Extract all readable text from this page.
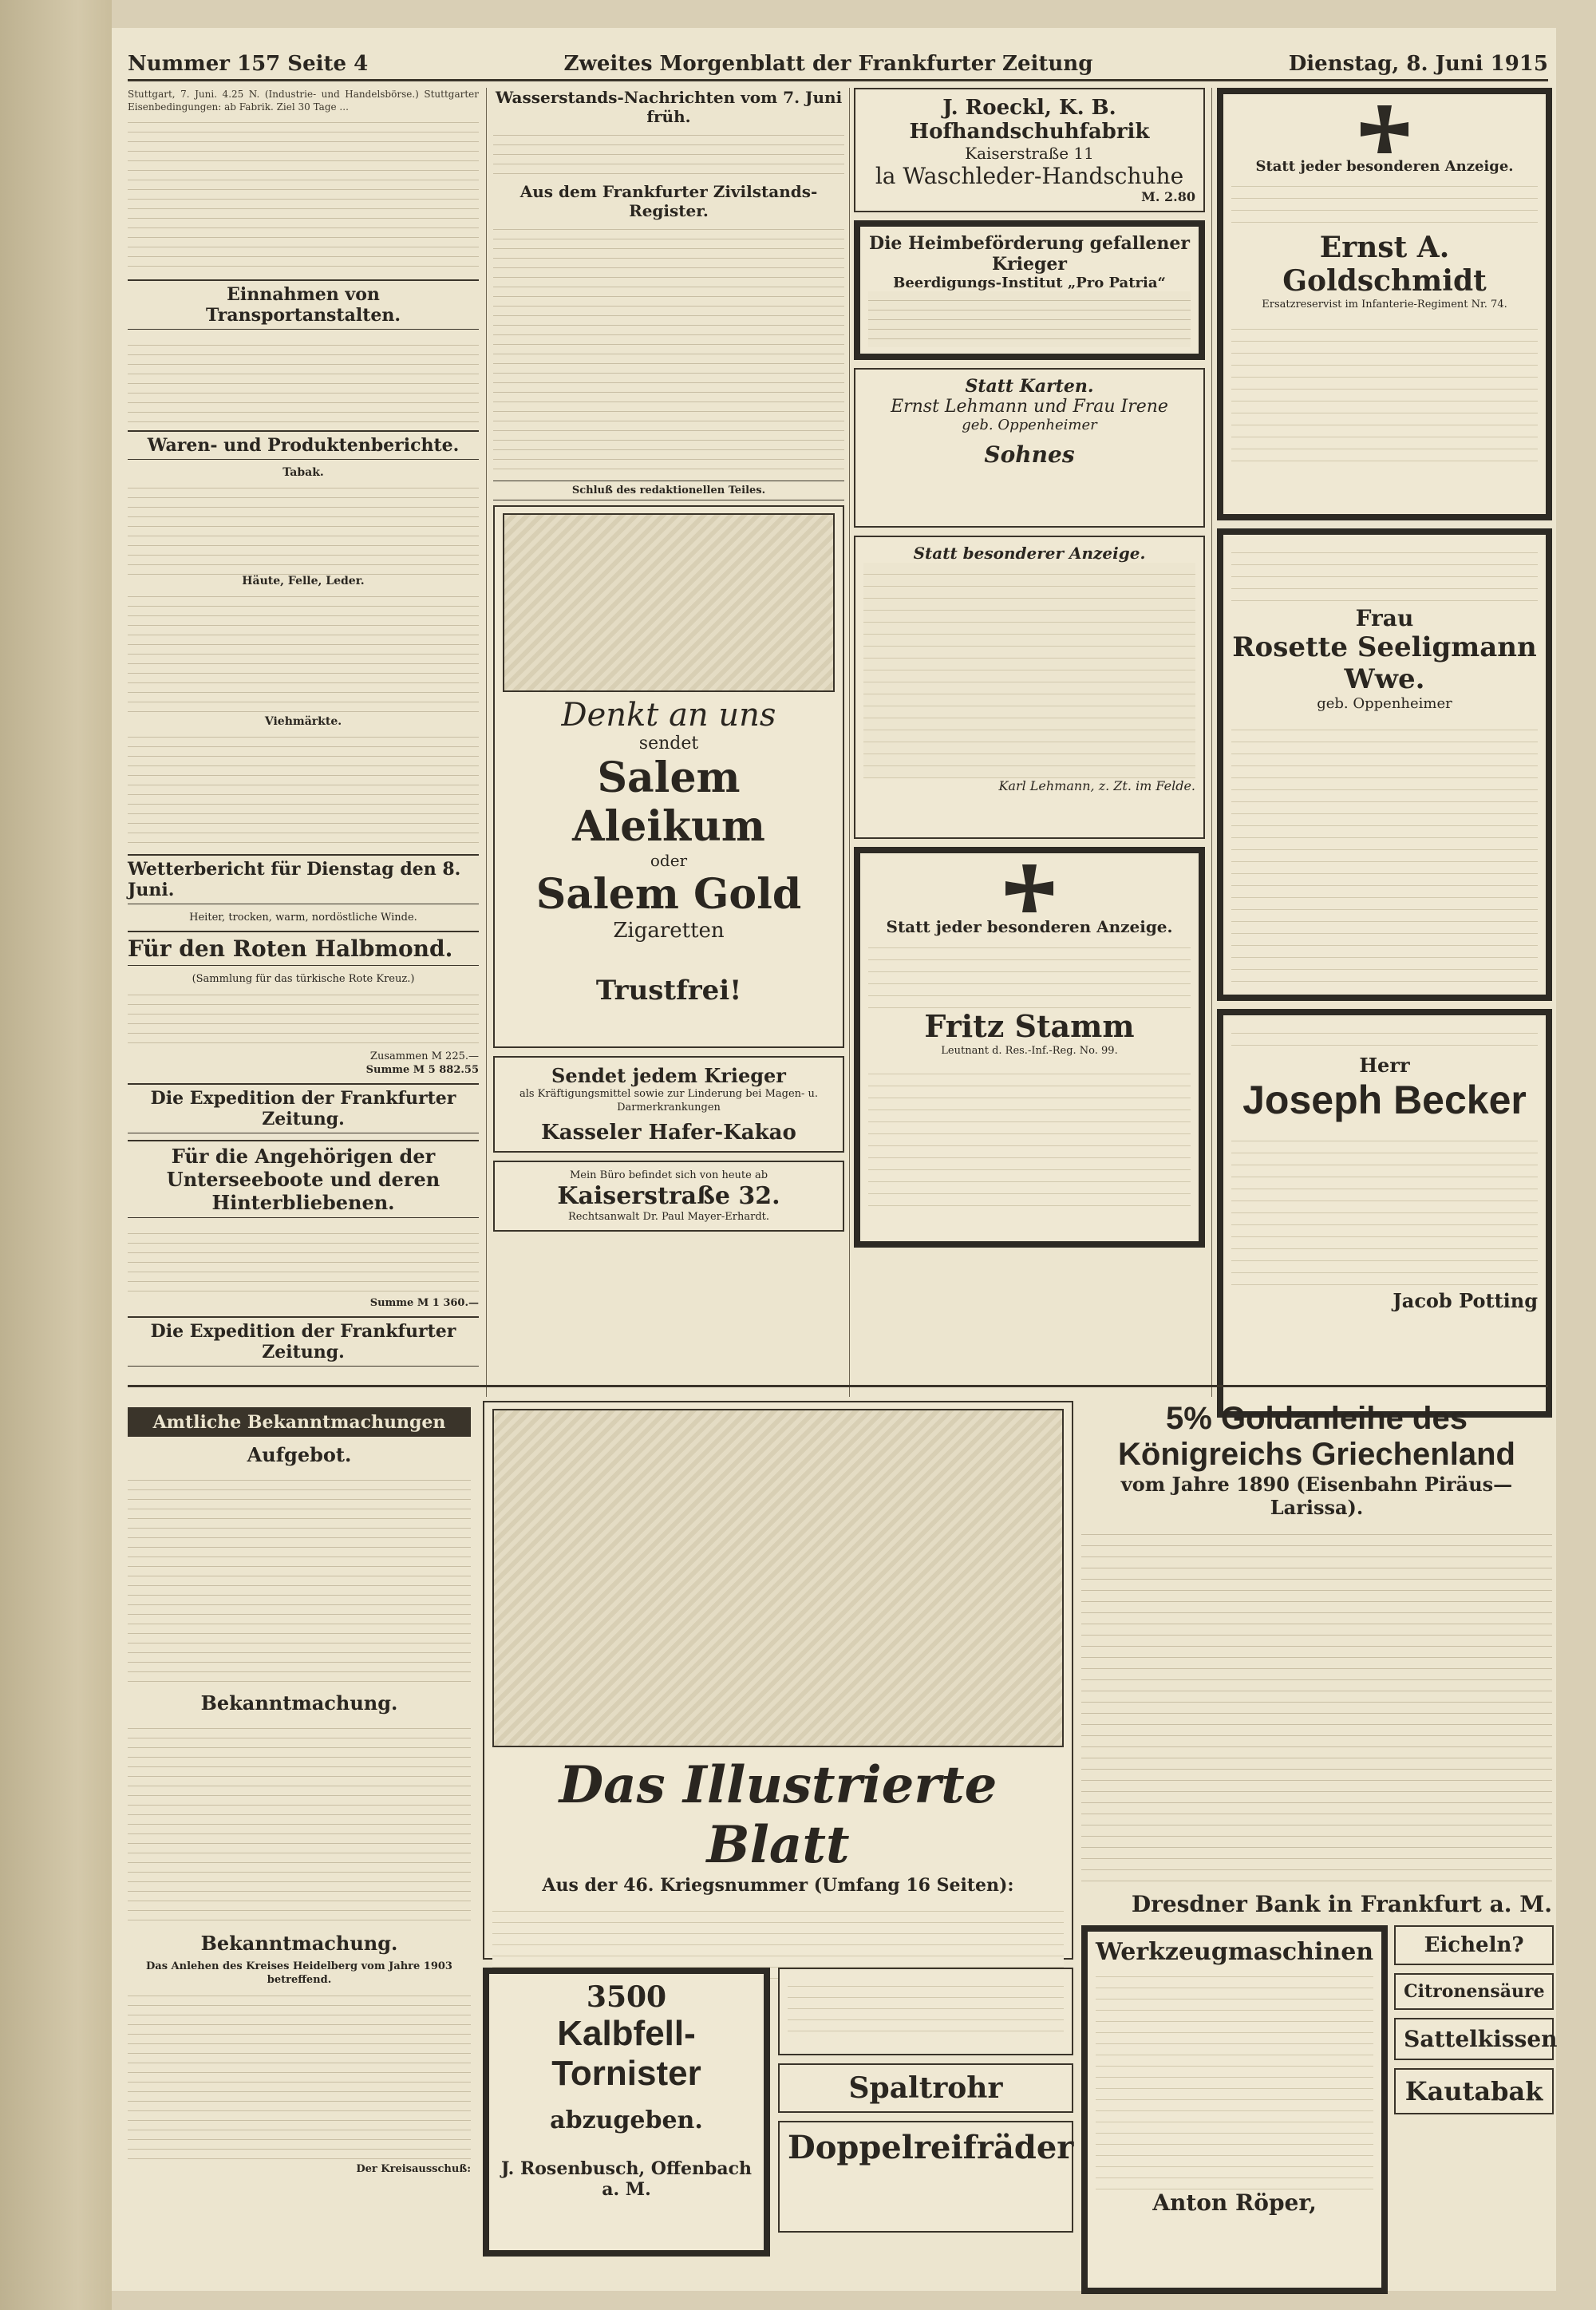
Nummer 157 Seite 4	Zweites Morgenblatt der Frankfurter Zeitung	Dienstag, 8. Juni 1915
Stuttgart, 7. Juni. 4.25 N. (Industrie- und Handelsbörse.) Stuttgarter Eisenbedingungen: ab Fabrik. Ziel 30 Tage ...
Einnahmen von Transportanstalten.
Waren- und Produktenberichte.
Tabak.
Häute, Felle, Leder.
Viehmärkte.
Wetterbericht für Dienstag den 8. Juni.
Heiter, trocken, warm, nordöstliche Winde.
Für den Roten Halbmond.
(Sammlung für das türkische Rote Kreuz.)
Zusammen M 225.—
Summe M 5 882.55
Die Expedition der Frankfurter Zeitung.
Für die Angehörigen der Unterseeboote und deren Hinterbliebenen.
Summe M 1 360.—
Die Expedition der Frankfurter Zeitung.
Wasserstands-Nachrichten vom 7. Juni früh.
Aus dem Frankfurter Zivilstands-Register.
Schluß des redaktionellen Teiles.
Denkt an uns
sendet
Salem Aleikum
oder
Salem Gold
Zigaretten
Trustfrei!
Sendet jedem Krieger
als Kräftigungsmittel sowie zur Linderung bei Magen- u. Darmerkrankungen
Kasseler Hafer-Kakao
Mein Büro befindet sich von heute ab
Kaiserstraße 32.
Rechtsanwalt Dr. Paul Mayer-Erhardt.
J. Roeckl, K. B. Hofhandschuhfabrik
Kaiserstraße 11
la Waschleder-Handschuhe
M. 2.80
Die Heimbeförderung gefallener Krieger
Beerdigungs-Institut „Pro Patria“
Statt Karten.
Ernst Lehmann und Frau Irene
geb. Oppenheimer
Sohnes
Statt besonderer Anzeige.
Karl Lehmann, z. Zt. im Felde.
Statt jeder besonderen Anzeige.
Fritz Stamm
Leutnant d. Res.-Inf.-Reg. No. 99.
Statt jeder besonderen Anzeige.
Ernst A. Goldschmidt
Ersatzreservist im Infanterie-Regiment Nr. 74.
Frau
Rosette Seeligmann Wwe.
geb. Oppenheimer
Herr
Joseph Becker
Jacob Potting
Amtliche Bekanntmachungen
Aufgebot.
Bekanntmachung.
Bekanntmachung.
Das Anlehen des Kreises Heidelberg vom Jahre 1903 betreffend.
Der Kreisausschuß:
Das Illustrierte Blatt
Aus der 46. Kriegsnummer (Umfang 16 Seiten):
3500
Kalbfell-Tornister
abzugeben.
J. Rosenbusch, Offenbach a. M.
Spaltrohr
Doppelreifräder
5% Goldanleihe des Königreichs Griechenland
vom Jahre 1890 (Eisenbahn Piräus—Larissa).
Dresdner Bank in Frankfurt a. M.
Werkzeugmaschinen
Anton Röper,
Eicheln?
Citronensäure
Sattelkissen
Kautabak
